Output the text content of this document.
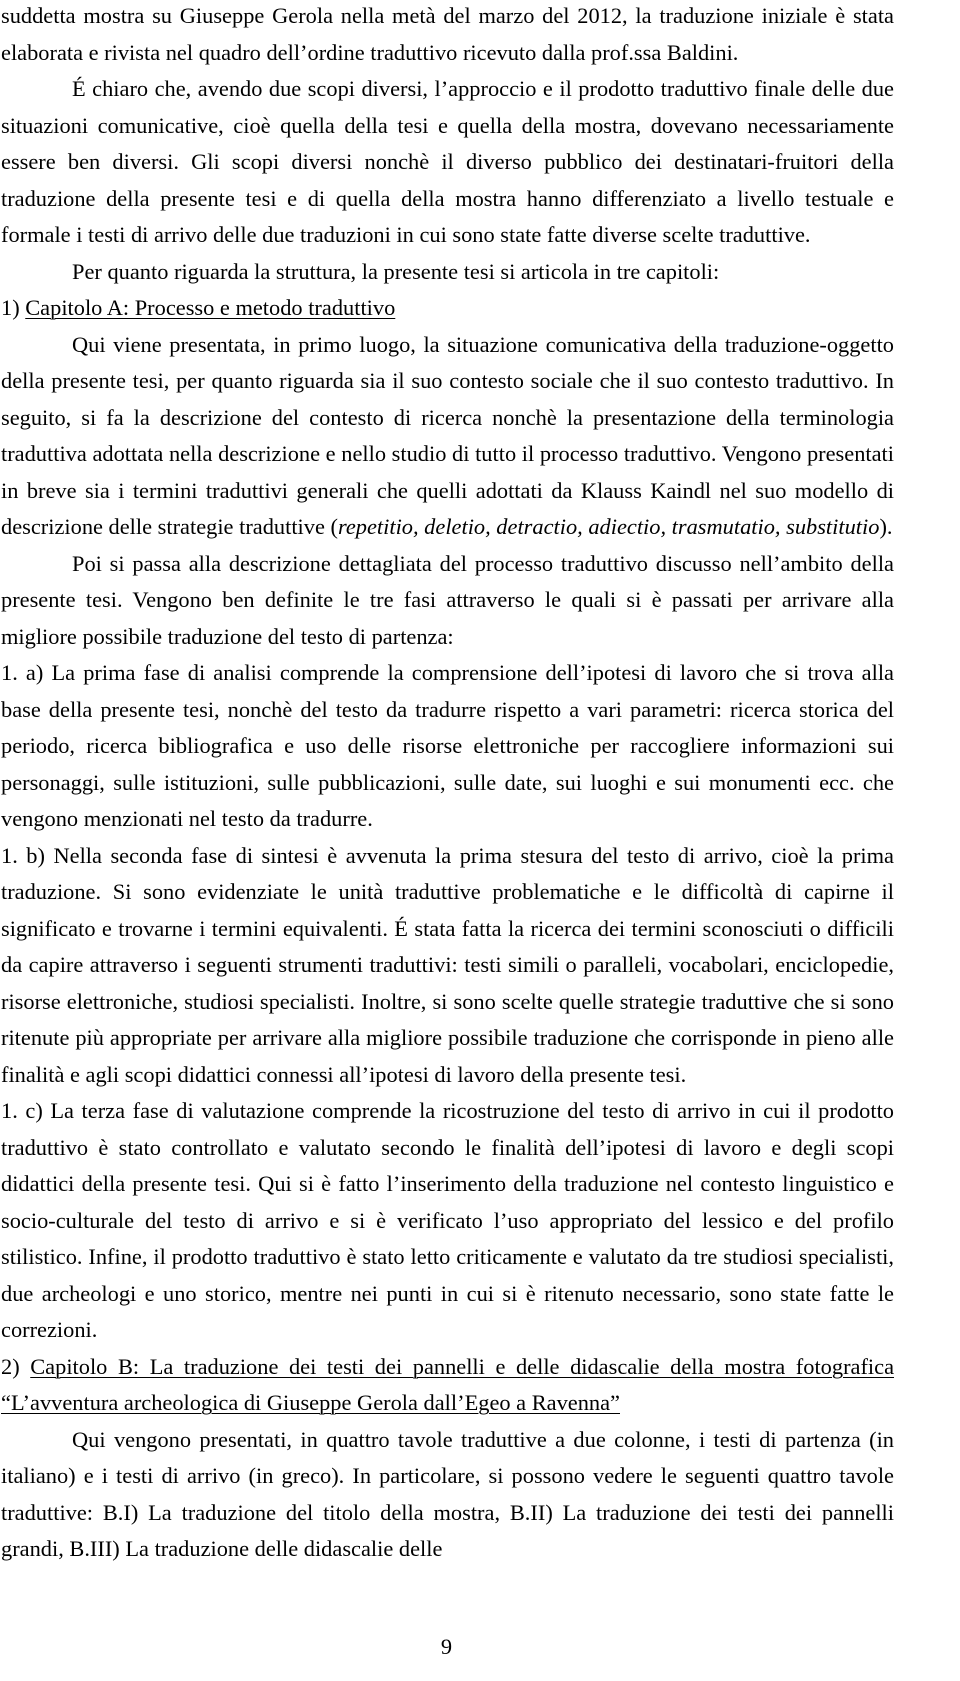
suddetta mostra su Giuseppe Gerola nella metà del marzo del 2012, la traduzione iniziale è stata elaborata e rivista nel quadro dell’ordine traduttivo ricevuto dalla prof.ssa Baldini.

É chiaro che, avendo due scopi diversi, l’approccio e il prodotto traduttivo finale delle due situazioni comunicative, cioè quella della tesi e quella della mostra, dovevano necessariamente essere ben diversi. Gli scopi diversi nonchè il diverso pubblico dei destinatari-fruitori della traduzione della presente tesi e di quella della mostra hanno differenziato a livello testuale e formale i testi di arrivo delle due traduzioni in cui sono state fatte diverse scelte traduttive.

Per quanto riguarda la struttura, la presente tesi si articola in tre capitoli:

1) Capitolo A: Processo e metodo traduttivo

Qui viene presentata, in primo luogo, la situazione comunicativa della traduzione-oggetto della presente tesi, per quanto riguarda sia il suo contesto sociale che il suo contesto traduttivo. In seguito, si fa la descrizione del contesto di ricerca nonchè la presentazione della terminologia traduttiva adottata nella descrizione e nello studio di tutto il processo traduttivo. Vengono presentati in breve sia i termini traduttivi generali che quelli adottati da Klauss Kaindl nel suo modello di descrizione delle strategie traduttive (repetitio, deletio, detractio, adiectio, trasmutatio, substitutio).

Poi si passa alla descrizione dettagliata del processo traduttivo discusso nell’ambito della presente tesi. Vengono ben definite le tre fasi attraverso le quali si è passati per arrivare alla migliore possibile traduzione del testo di partenza:

1. a) La prima fase di analisi comprende la comprensione dell’ipotesi di lavoro che si trova alla base della presente tesi, nonchè del testo da tradurre rispetto a vari parametri: ricerca storica del periodo, ricerca bibliografica e uso delle risorse elettroniche per raccogliere informazioni sui personaggi, sulle istituzioni, sulle pubblicazioni, sulle date, sui luoghi e sui monumenti ecc. che vengono menzionati nel testo da tradurre.

1. b) Nella seconda fase di sintesi è avvenuta la prima stesura del testo di arrivo, cioè la prima traduzione. Si sono evidenziate le unità traduttive problematiche e le difficoltà di capirne il significato e trovarne i termini equivalenti. É stata fatta la ricerca dei termini sconosciuti o difficili da capire attraverso i seguenti strumenti traduttivi: testi simili o paralleli, vocabolari, enciclopedie, risorse elettroniche, studiosi specialisti. Inoltre, si sono scelte quelle strategie traduttive che si sono ritenute più appropriate per arrivare alla migliore possibile traduzione che corrisponde in pieno alle finalità e agli scopi didattici connessi all’ipotesi di lavoro della presente tesi.

1. c) La terza fase di valutazione comprende la ricostruzione del testo di arrivo in cui il prodotto traduttivo è stato controllato e valutato secondo le finalità dell’ipotesi di lavoro e degli scopi didattici della presente tesi. Qui si è fatto l’inserimento della traduzione nel contesto linguistico e socio-culturale del testo di arrivo e si è verificato l’uso appropriato del lessico e del profilo stilistico. Infine, il prodotto traduttivo è stato letto criticamente e valutato da tre studiosi specialisti, due archeologi e uno storico, mentre nei punti in cui si è ritenuto necessario, sono state fatte le correzioni.

2) Capitolo B: La traduzione dei testi dei pannelli e delle didascalie della mostra fotografica “L’avventura archeologica di Giuseppe Gerola dall’Egeo a Ravenna”

Qui vengono presentati, in quattro tavole traduttive a due colonne, i testi di partenza (in italiano) e i testi di arrivo (in greco). In particolare, si possono vedere le seguenti quattro tavole traduttive: B.I) La traduzione del titolo della mostra, B.II) La traduzione dei testi dei pannelli grandi, B.III) La traduzione delle didascalie delle

9
